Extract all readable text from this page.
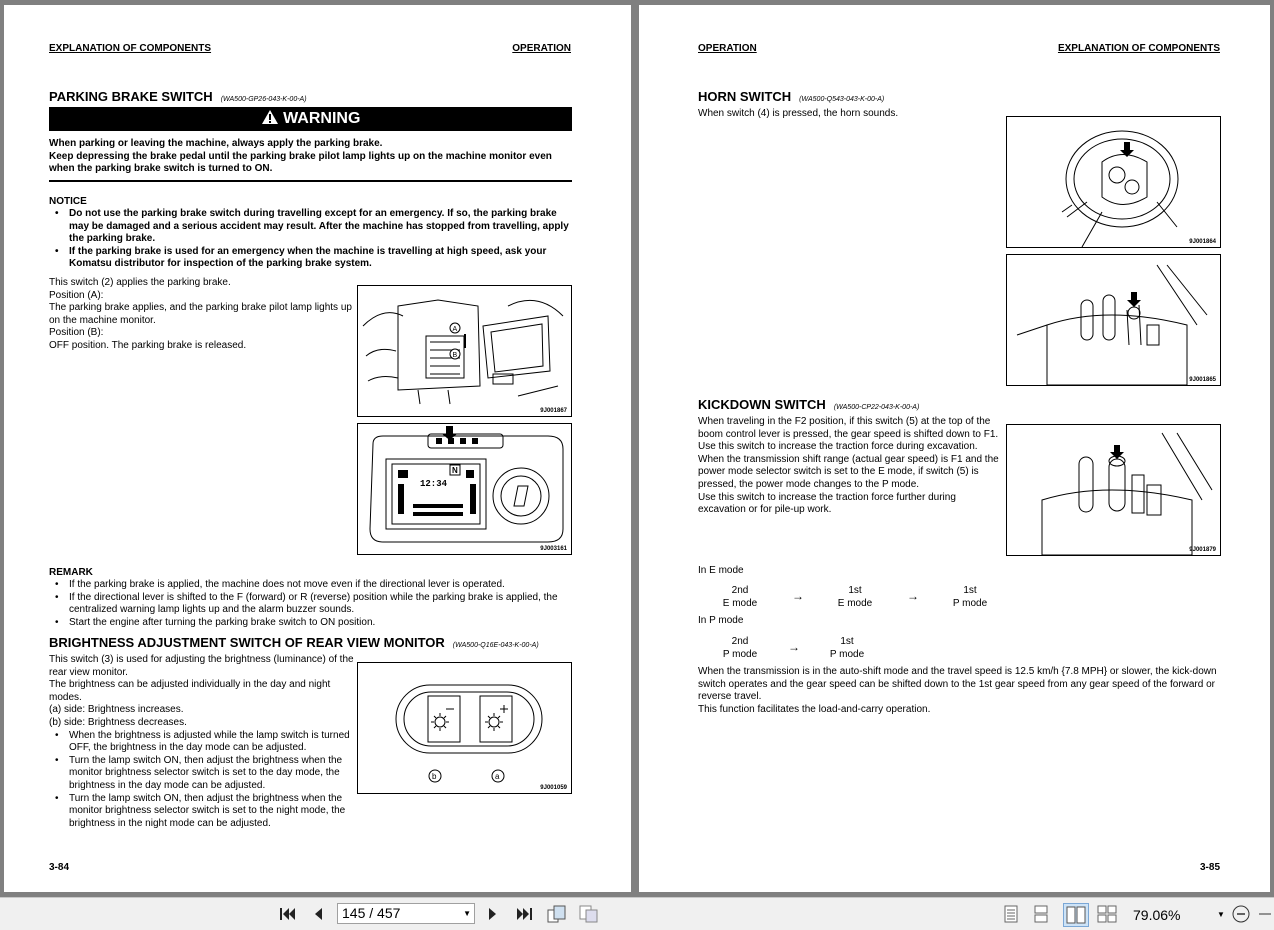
EXPLANATION OF COMPONENTS	OPERATION
PARKING BRAKE SWITCH (WA500-GP26-043-K-00-A)
WARNING
When parking or leaving the machine, always apply the parking brake.
Keep depressing the brake pedal until the parking brake pilot lamp lights up on the machine monitor even when the parking brake switch is turned to ON.
NOTICE
• Do not use the parking brake switch during travelling except for an emergency. If so, the parking brake may be damaged and a serious accident may result. After the machine has stopped from travelling, apply the parking brake.
• If the parking brake is used for an emergency when the machine is travelling at high speed, ask your Komatsu distributor for inspection of the parking brake system.
This switch (2) applies the parking brake.
Position (A):
The parking brake applies, and the parking brake pilot lamp lights up on the machine monitor.
Position (B):
OFF position. The parking brake is released.
A
B
9J001867
12:34
N
9J003161
REMARK
• If the parking brake is applied, the machine does not move even if the directional lever is operated.
• If the directional lever is shifted to the F (forward) or R (reverse) position while the parking brake is applied, the centralized warning lamp lights up and the alarm buzzer sounds.
• Start the engine after turning the parking brake switch to ON position.
BRIGHTNESS ADJUSTMENT SWITCH OF REAR VIEW MONITOR (WA500-Q16E-043-K-00-A)
This switch (3) is used for adjusting the brightness (luminance) of the rear view monitor.
The brightness can be adjusted individually in the day and night modes.
(a) side: Brightness increases.
(b) side: Brightness decreases.
• When the brightness is adjusted while the lamp switch is turned OFF, the brightness in the day mode can be adjusted.
• Turn the lamp switch ON, then adjust the brightness when the monitor brightness selector switch is set to the day mode, the brightness in the day mode can be adjusted.
• Turn the lamp switch ON, then adjust the brightness when the monitor brightness selector switch is set to the night mode, the brightness in the night mode can be adjusted.
b	a
9J001059
3-84
OPERATION	EXPLANATION OF COMPONENTS
HORN SWITCH (WA500-Q543-043-K-00-A)
When switch (4) is pressed, the horn sounds.
9J001864
9J001865
KICKDOWN SWITCH (WA500-CP22-043-K-00-A)
When traveling in the F2 position, if this switch (5) at the top of the boom control lever is pressed, the gear speed is shifted down to F1.
Use this switch to increase the traction force during excavation.
When the transmission shift range (actual gear speed) is F1 and the power mode selector switch is set to the E mode, if switch (5) is pressed, the power mode changes to the P mode.
Use this switch to increase the traction force further during excavation or for pile-up work.
9J001879
In E mode
2nd
E mode
→	1st
E mode
→	1st
P mode
In P mode
2nd
P mode
→	1st
P mode
When the transmission is in the auto-shift mode and the travel speed is 12.5 km/h {7.8 MPH} or slower, the kick-down switch operates and the gear speed can be shifted down to the 1st gear speed from any gear speed of the forward or reverse travel.
This function facilitates the load-and-carry operation.
3-85
145 / 457	▼	79.06%	▼
